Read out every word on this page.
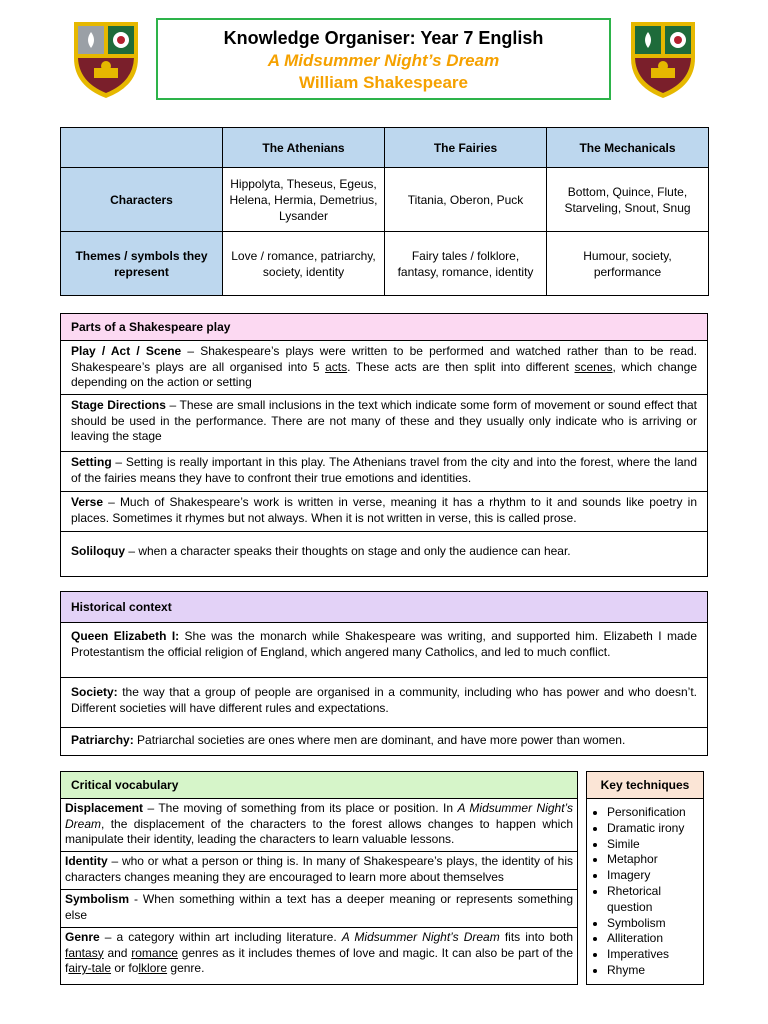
Knowledge Organiser: Year 7 English
A Midsummer Night’s Dream
William Shakespeare
	The Athenians	The Fairies	The Mechanicals
Characters	Hippolyta, Theseus, Egeus, Helena, Hermia, Demetrius, Lysander	Titania, Oberon, Puck	Bottom, Quince, Flute, Starveling, Snout, Snug
Themes / symbols they represent	Love / romance, patriarchy, society, identity	Fairy tales / folklore, fantasy, romance, identity	Humour, society, performance
Parts of a Shakespeare play
Play / Act / Scene – Shakespeare’s plays were written to be performed and watched rather than to be read. Shakespeare’s plays are all organised into 5 acts. These acts are then split into different scenes, which change depending on the action or setting
Stage Directions – These are small inclusions in the text which indicate some form of movement or sound effect that should be used in the performance. There are not many of these and they usually only indicate who is arriving or leaving the stage
Setting – Setting is really important in this play. The Athenians travel from the city and into the forest, where the land of the fairies means they have to confront their true emotions and identities.
Verse – Much of Shakespeare’s work is written in verse, meaning it has a rhythm to it and sounds like poetry in places. Sometimes it rhymes but not always. When it is not written in verse, this is called prose.
Soliloquy – when a character speaks their thoughts on stage and only the audience can hear.
Historical context
Queen Elizabeth I: She was the monarch while Shakespeare was writing, and supported him. Elizabeth I made Protestantism the official religion of England, which angered many Catholics, and led to much conflict.
Society: the way that a group of people are organised in a community, including who has power and who doesn’t. Different societies will have different rules and expectations.
Patriarchy: Patriarchal societies are ones where men are dominant, and have more power than women.
Critical vocabulary
Displacement – The moving of something from its place or position. In A Midsummer Night’s Dream, the displacement of the characters to the forest allows changes to happen which manipulate their identity, leading the characters to learn valuable lessons.
Identity – who or what a person or thing is. In many of Shakespeare’s plays, the identity of his characters changes meaning they are encouraged to learn more about themselves
Symbolism - When something within a text has a deeper meaning or represents something else
Genre – a category within art including literature. A Midsummer Night’s Dream fits into both fantasy and romance genres as it includes themes of love and magic. It can also be part of the fairy-tale or folklore genre.
Key techniques
• Personification
• Dramatic irony
• Simile
• Metaphor
• Imagery
• Rhetorical question
• Symbolism
• Alliteration
• Imperatives
• Rhyme
